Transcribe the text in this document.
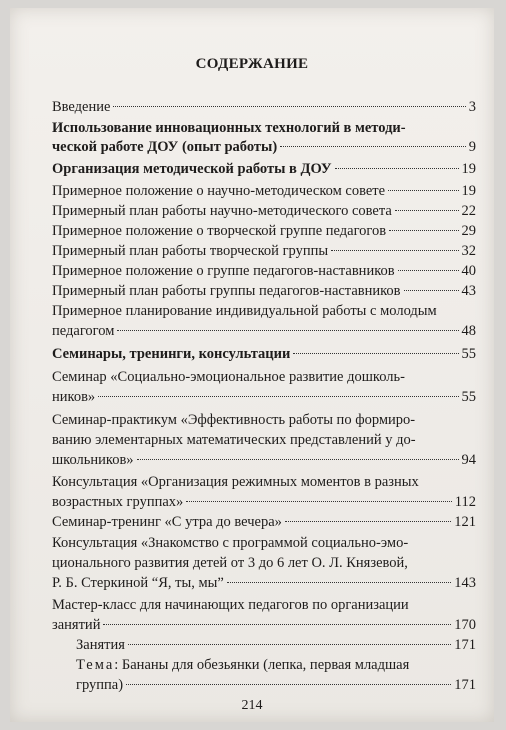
СОДЕРЖАНИЕ
Введение	3
Использование инновационных технологий в методи-
ческой работе ДОУ (опыт работы)	9
Организация методической работы в ДОУ	19
Примерное положение о научно-методическом совете	19
Примерный план работы научно-методического совета	22
Примерное положение о творческой группе педагогов	29
Примерный план работы творческой группы	32
Примерное положение о группе педагогов-наставников	40
Примерный план работы группы педагогов-наставников	43
Примерное планирование индивидуальной работы с молодым
педагогом	48
Семинары, тренинги, консультации	55
Семинар «Социально-эмоциональное развитие дошколь-
ников»	55
Семинар-практикум «Эффективность работы по формиро-
ванию элементарных математических представлений у до-
школьников»	94
Консультация «Организация режимных моментов в разных
возрастных группах»	112
Семинар-тренинг «С утра до вечера»	121
Консультация «Знакомство с программой социально-эмо-
ционального развития детей от 3 до 6 лет О. Л. Князевой,
Р. Б. Стеркиной “Я, ты, мы”	143
Мастер-класс для начинающих педагогов по организации
занятий	170
Занятия	171
Тема: Бананы для обезьянки (лепка, первая младшая
группа)	171
214
